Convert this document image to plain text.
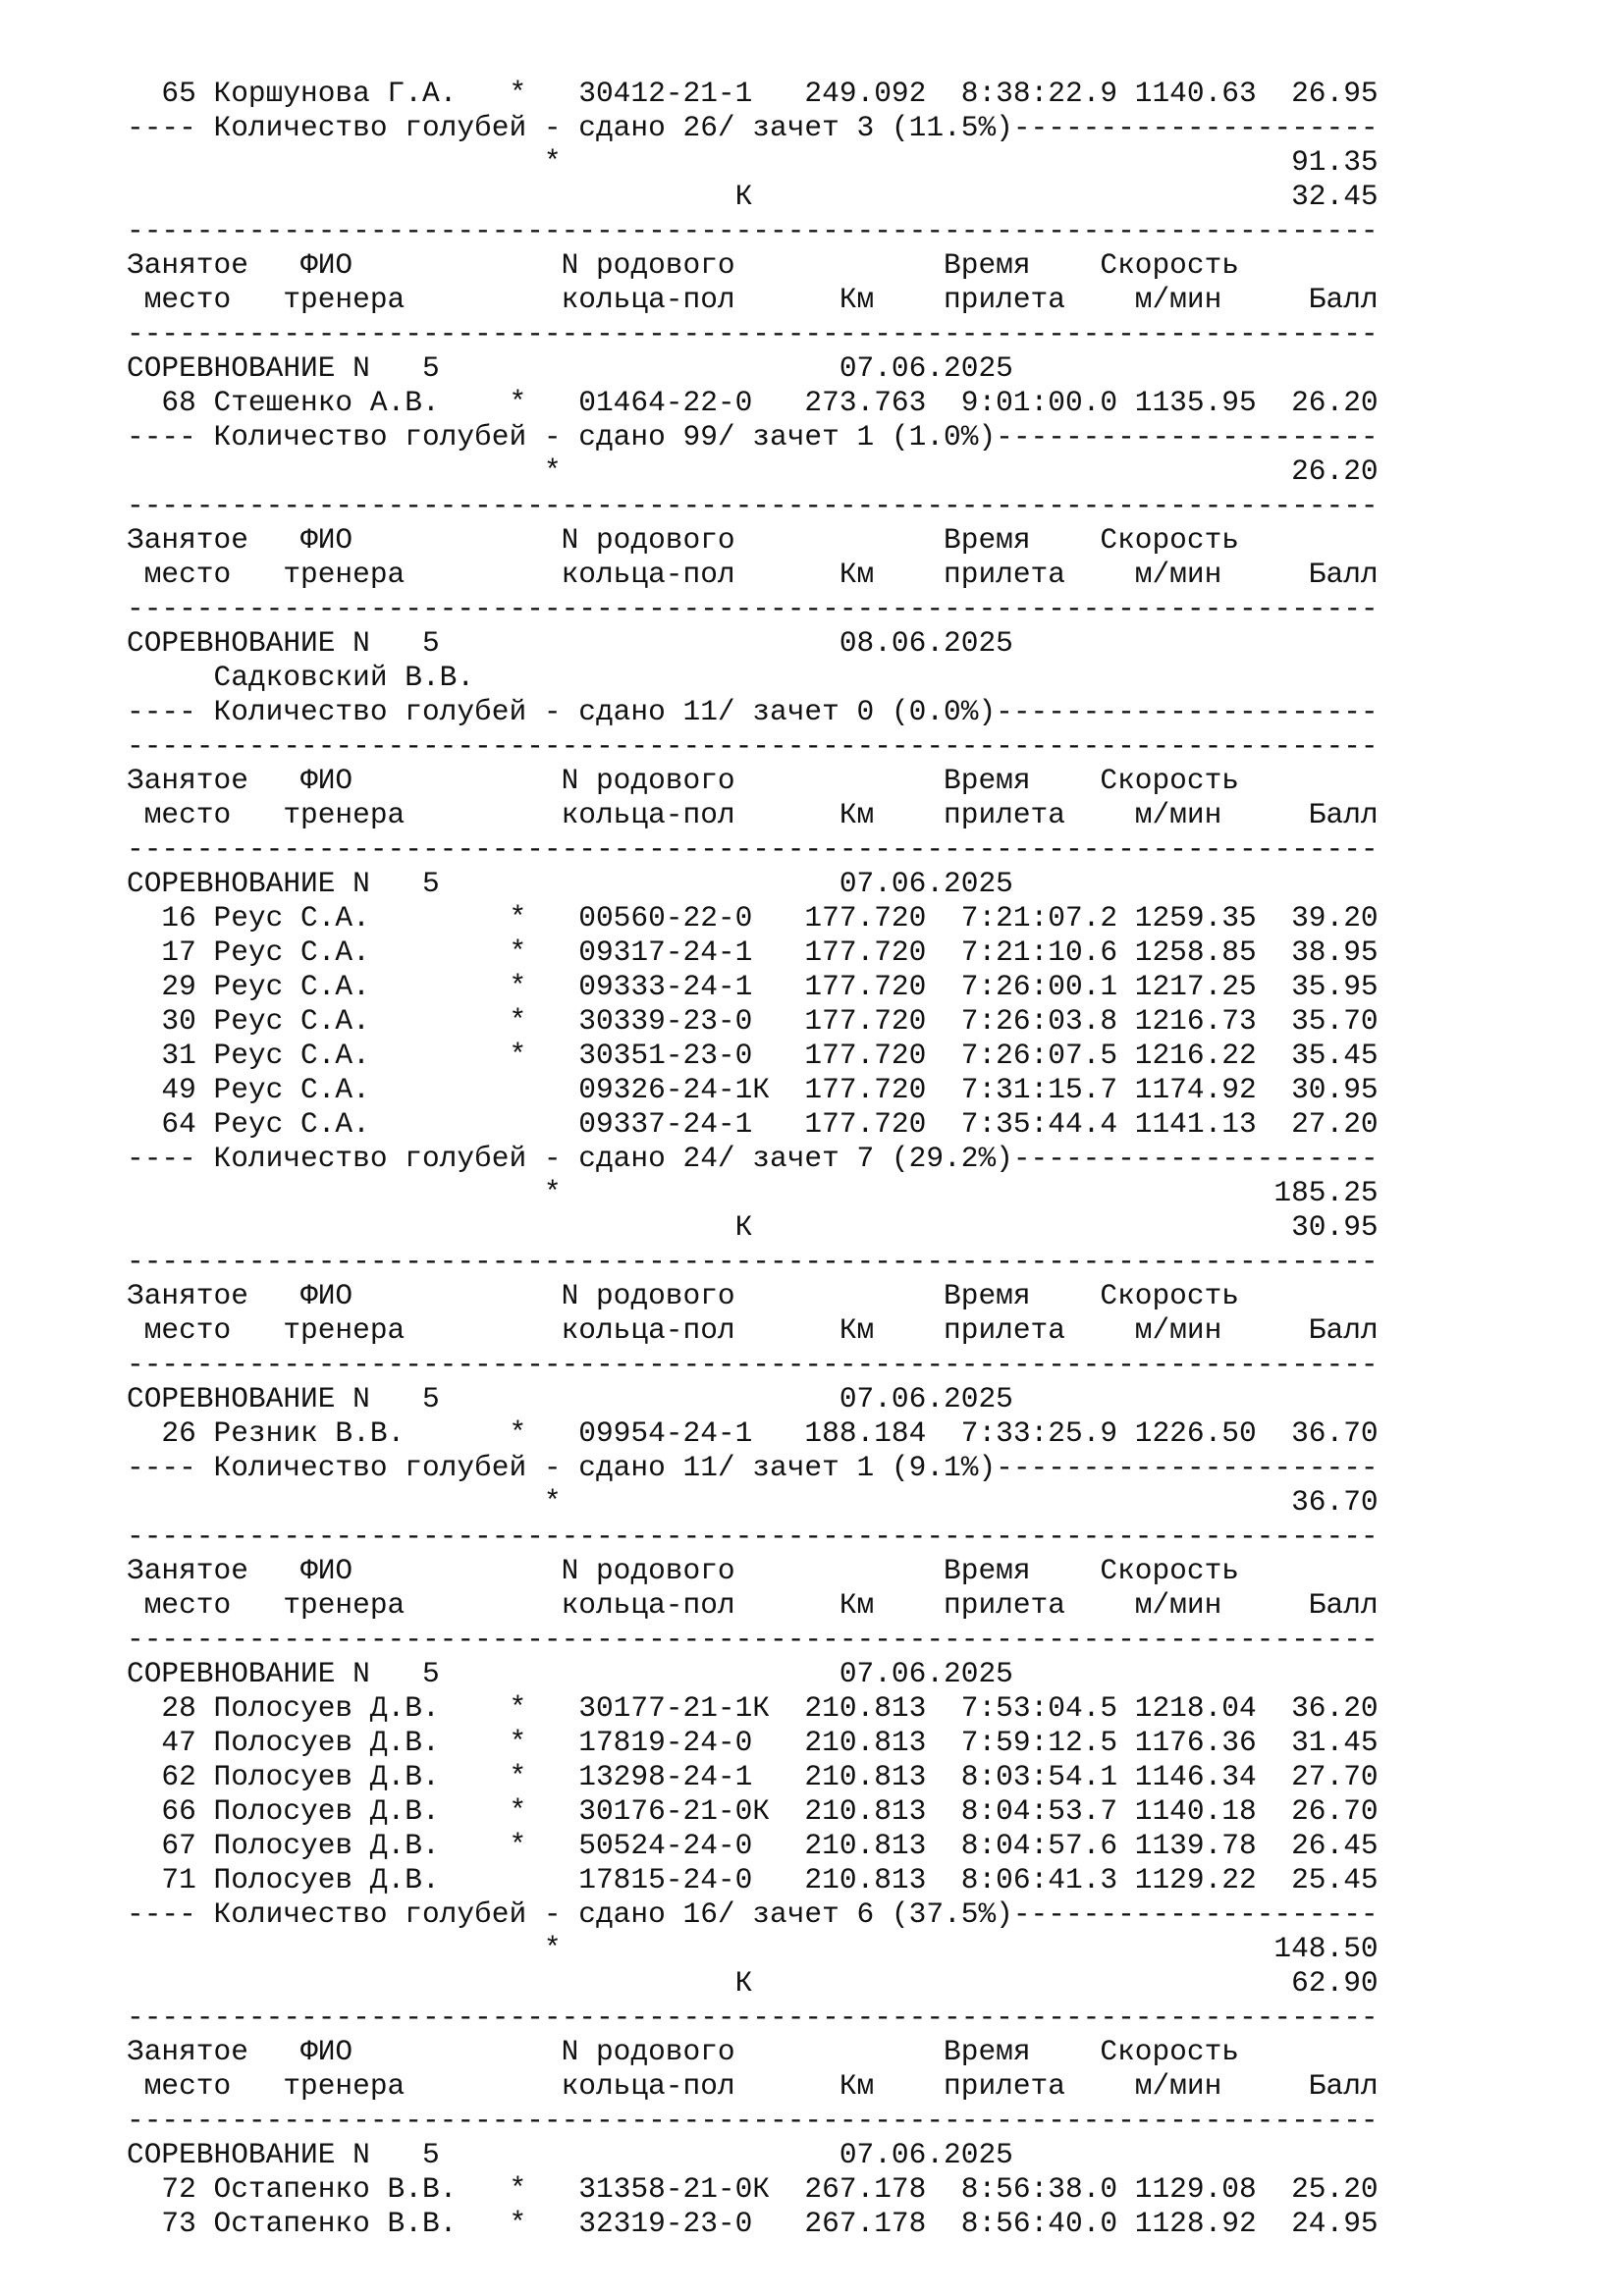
65 Коршунова Г.А.   *   30412-21-1   249.092  8:38:22.9 1140.63  26.95
---- Количество голубей - сдано 26/ зачет 3 (11.5%)---------------------
*                                          91.35
К                               32.45
------------------------------------------------------------------------
Занятое   ФИО            N родового            Время    Скорость
место   тренера         кольца-пол      Км    прилета    м/мин     Балл
------------------------------------------------------------------------
СОРЕВНОВАНИЕ N   5                       07.06.2025
68 Стешенко А.В.    *   01464-22-0   273.763  9:01:00.0 1135.95  26.20
---- Количество голубей - сдано 99/ зачет 1 (1.0%)----------------------
*                                          26.20
------------------------------------------------------------------------
Занятое   ФИО            N родового            Время    Скорость
место   тренера         кольца-пол      Км    прилета    м/мин     Балл
------------------------------------------------------------------------
СОРЕВНОВАНИЕ N   5                       08.06.2025
Садковский В.В.
---- Количество голубей - сдано 11/ зачет 0 (0.0%)----------------------
------------------------------------------------------------------------
Занятое   ФИО            N родового            Время    Скорость
место   тренера         кольца-пол      Км    прилета    м/мин     Балл
------------------------------------------------------------------------
СОРЕВНОВАНИЕ N   5                       07.06.2025
16 Реус С.А.        *   00560-22-0   177.720  7:21:07.2 1259.35  39.20
17 Реус С.А.        *   09317-24-1   177.720  7:21:10.6 1258.85  38.95
29 Реус С.А.        *   09333-24-1   177.720  7:26:00.1 1217.25  35.95
30 Реус С.А.        *   30339-23-0   177.720  7:26:03.8 1216.73  35.70
31 Реус С.А.        *   30351-23-0   177.720  7:26:07.5 1216.22  35.45
49 Реус С.А.            09326-24-1К  177.720  7:31:15.7 1174.92  30.95
64 Реус С.А.            09337-24-1   177.720  7:35:44.4 1141.13  27.20
---- Количество голубей - сдано 24/ зачет 7 (29.2%)---------------------
*                                         185.25
К                               30.95
------------------------------------------------------------------------
Занятое   ФИО            N родового            Время    Скорость
место   тренера         кольца-пол      Км    прилета    м/мин     Балл
------------------------------------------------------------------------
СОРЕВНОВАНИЕ N   5                       07.06.2025
26 Резник В.В.      *   09954-24-1   188.184  7:33:25.9 1226.50  36.70
---- Количество голубей - сдано 11/ зачет 1 (9.1%)----------------------
*                                          36.70
------------------------------------------------------------------------
Занятое   ФИО            N родового            Время    Скорость
место   тренера         кольца-пол      Км    прилета    м/мин     Балл
------------------------------------------------------------------------
СОРЕВНОВАНИЕ N   5                       07.06.2025
28 Полосуев Д.В.    *   30177-21-1К  210.813  7:53:04.5 1218.04  36.20
47 Полосуев Д.В.    *   17819-24-0   210.813  7:59:12.5 1176.36  31.45
62 Полосуев Д.В.    *   13298-24-1   210.813  8:03:54.1 1146.34  27.70
66 Полосуев Д.В.    *   30176-21-0К  210.813  8:04:53.7 1140.18  26.70
67 Полосуев Д.В.    *   50524-24-0   210.813  8:04:57.6 1139.78  26.45
71 Полосуев Д.В.        17815-24-0   210.813  8:06:41.3 1129.22  25.45
---- Количество голубей - сдано 16/ зачет 6 (37.5%)---------------------
*                                         148.50
К                               62.90
------------------------------------------------------------------------
Занятое   ФИО            N родового            Время    Скорость
место   тренера         кольца-пол      Км    прилета    м/мин     Балл
------------------------------------------------------------------------
СОРЕВНОВАНИЕ N   5                       07.06.2025
72 Остапенко В.В.   *   31358-21-0К  267.178  8:56:38.0 1129.08  25.20
73 Остапенко В.В.   *   32319-23-0   267.178  8:56:40.0 1128.92  24.95
